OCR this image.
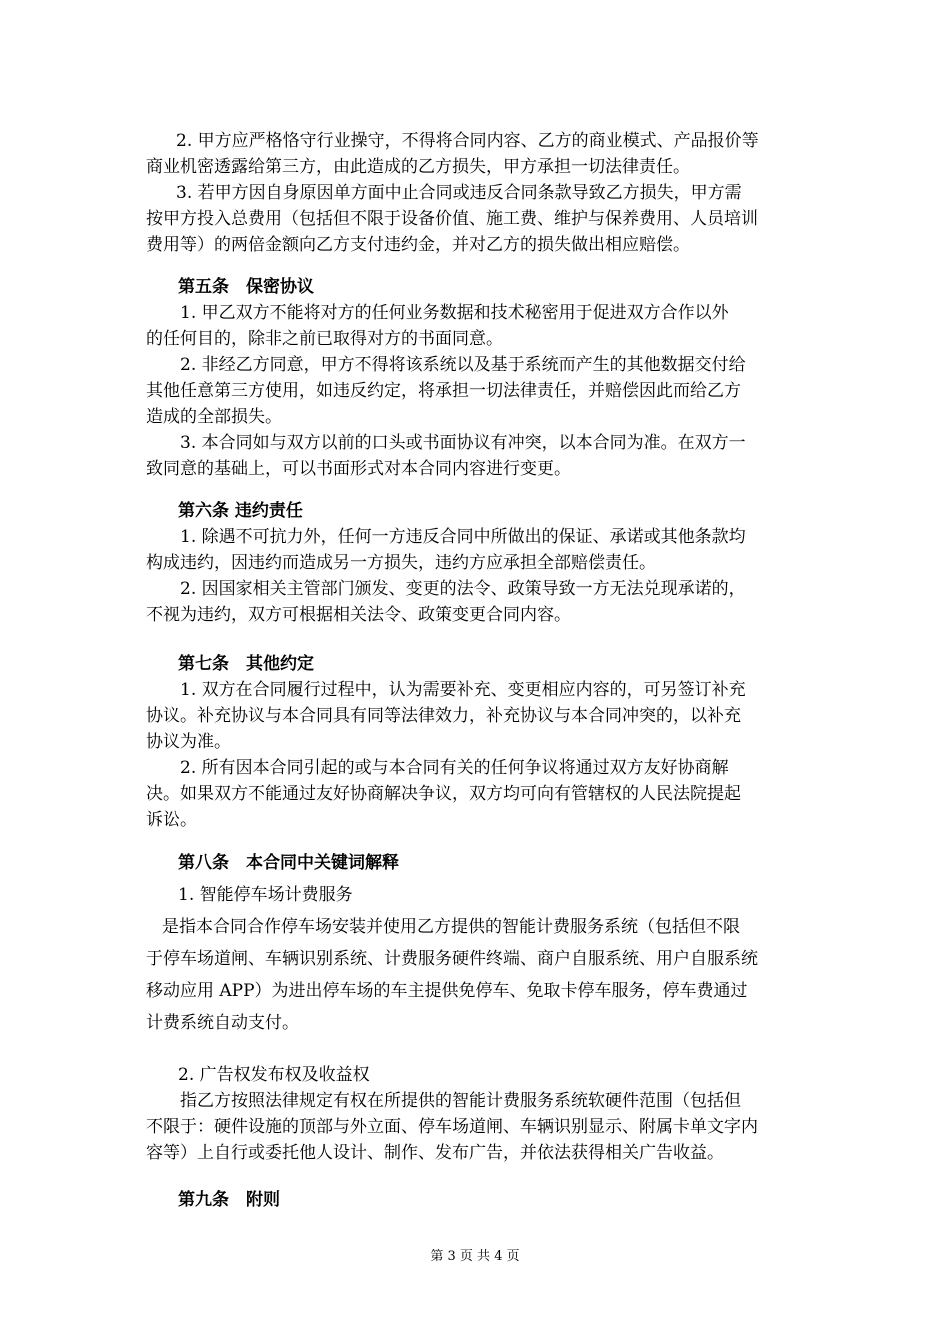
2. 甲方应严格恪守行业操守，不得将合同内容、乙方的商业模式、产品报价等
商业机密透露给第三方，由此造成的乙方损失，甲方承担一切法律责任。
3. 若甲方因自身原因单方面中止合同或违反合同条款导致乙方损失，甲方需
按甲方投入总费用（包括但不限于设备价值、施工费、维护与保养费用、人员培训
费用等）的两倍金额向乙方支付违约金，并对乙方的损失做出相应赔偿。
第五条　保密协议
1. 甲乙双方不能将对方的任何业务数据和技术秘密用于促进双方合作以外
的任何目的，除非之前已取得对方的书面同意。
2. 非经乙方同意，甲方不得将该系统以及基于系统而产生的其他数据交付给
其他任意第三方使用，如违反约定，将承担一切法律责任，并赔偿因此而给乙方
造成的全部损失。
3. 本合同如与双方以前的口头或书面协议有冲突，以本合同为准。在双方一
致同意的基础上，可以书面形式对本合同内容进行变更。
第六条 违约责任
1. 除遇不可抗力外，任何一方违反合同中所做出的保证、承诺或其他条款均
构成违约，因违约而造成另一方损失，违约方应承担全部赔偿责任。
2. 因国家相关主管部门颁发、变更的法令、政策导致一方无法兑现承诺的，
不视为违约，双方可根据相关法令、政策变更合同内容。
第七条　其他约定
1. 双方在合同履行过程中，认为需要补充、变更相应内容的，可另签订补充
协议。补充协议与本合同具有同等法律效力，补充协议与本合同冲突的，以补充
协议为准。
2. 所有因本合同引起的或与本合同有关的任何争议将通过双方友好协商解
决。如果双方不能通过友好协商解决争议，双方均可向有管辖权的人民法院提起
诉讼。
第八条　本合同中关键词解释
1. 智能停车场计费服务
是指本合同合作停车场安装并使用乙方提供的智能计费服务系统（包括但不限
于停车场道闸、车辆识别系统、计费服务硬件终端、商户自服系统、用户自服系统
移动应用 APP）为进出停车场的车主提供免停车、免取卡停车服务，停车费通过
计费系统自动支付。
2. 广告权发布权及收益权
指乙方按照法律规定有权在所提供的智能计费服务系统软硬件范围（包括但
不限于：硬件设施的顶部与外立面、停车场道闸、车辆识别显示、附属卡单文字内
容等）上自行或委托他人设计、制作、发布广告，并依法获得相关广告收益。
第九条　附则
第 3 页 共 4 页
